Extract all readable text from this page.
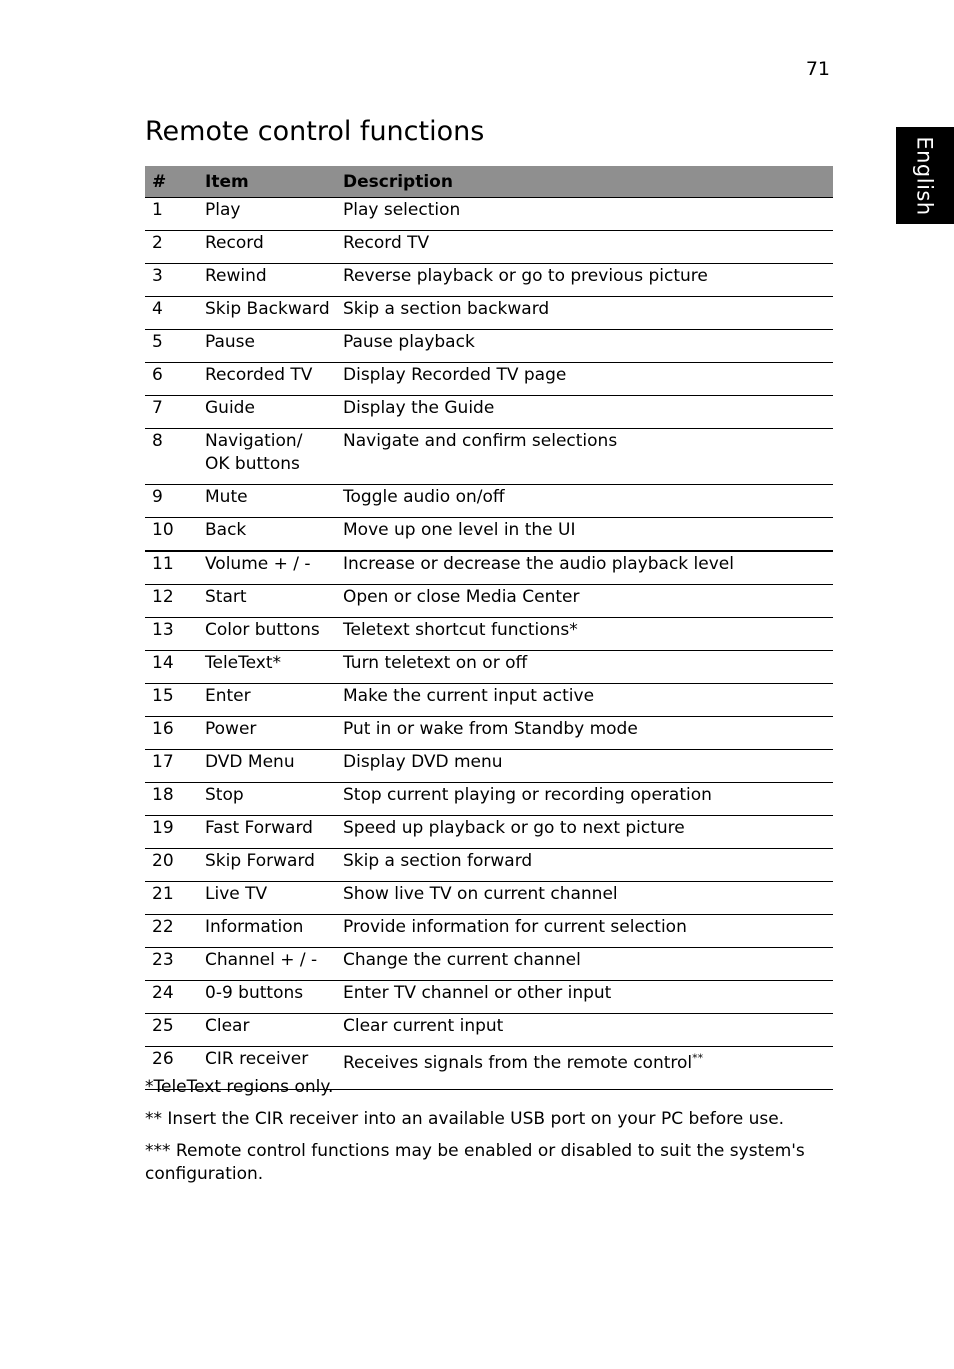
71
English
Remote control functions
#	Item	Description
1	Play	Play selection
2	Record	Record TV
3	Rewind	Reverse playback or go to previous picture
4	Skip Backward	Skip a section backward
5	Pause	Pause playback
6	Recorded TV	Display Recorded TV page
7	Guide	Display the Guide
8	Navigation/
OK buttons	Navigate and confirm selections
9	Mute	Toggle audio on/off
10	Back	Move up one level in the UI
11	Volume + / -	Increase or decrease the audio playback level
12	Start	Open or close Media Center
13	Color buttons	Teletext shortcut functions*
14	TeleText*	Turn teletext on or off
15	Enter	Make the current input active
16	Power	Put in or wake from Standby mode
17	DVD Menu	Display DVD menu
18	Stop	Stop current playing or recording operation
19	Fast Forward	Speed up playback or go to next picture
20	Skip Forward	Skip a section forward
21	Live TV	Show live TV on current channel
22	Information	Provide information for current selection
23	Channel + / -	Change the current channel
24	0-9 buttons	Enter TV channel or other input
25	Clear	Clear current input
26	CIR receiver	Receives signals from the remote control**

*TeleText regions only.

** Insert the CIR receiver into an available USB port on your PC before use.

*** Remote control functions may be enabled or disabled to suit the system's configuration.
